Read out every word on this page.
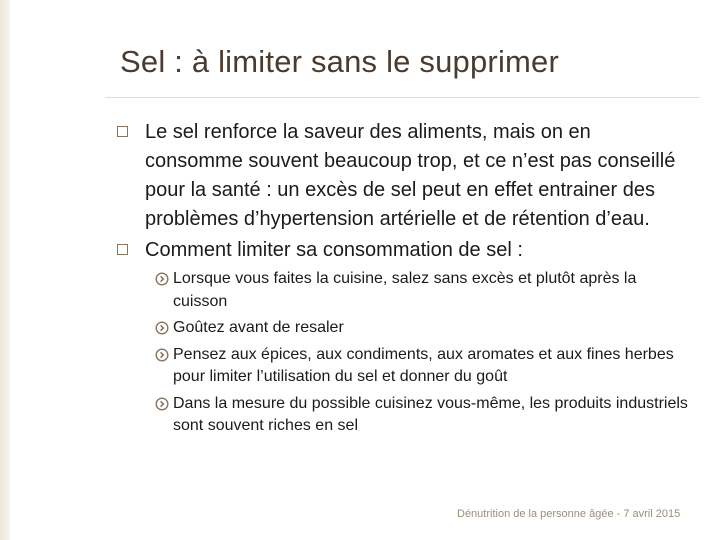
Sel : à limiter sans le supprimer
Le sel renforce la saveur des aliments, mais on en consomme souvent beaucoup trop, et ce n’est pas conseillé pour la santé : un excès de sel peut en effet entrainer des problèmes d’hypertension artérielle et de rétention d’eau.
Comment limiter sa consommation de sel :
Lorsque vous faites la cuisine, salez sans excès et plutôt après la cuisson
Goûtez avant de resaler
Pensez aux épices, aux condiments, aux aromates et aux fines herbes pour limiter l’utilisation du sel et donner du goût
Dans la mesure du possible cuisinez vous-même, les produits industriels sont souvent riches en sel
Dénutrition de la personne âgée - 7 avril 2015
